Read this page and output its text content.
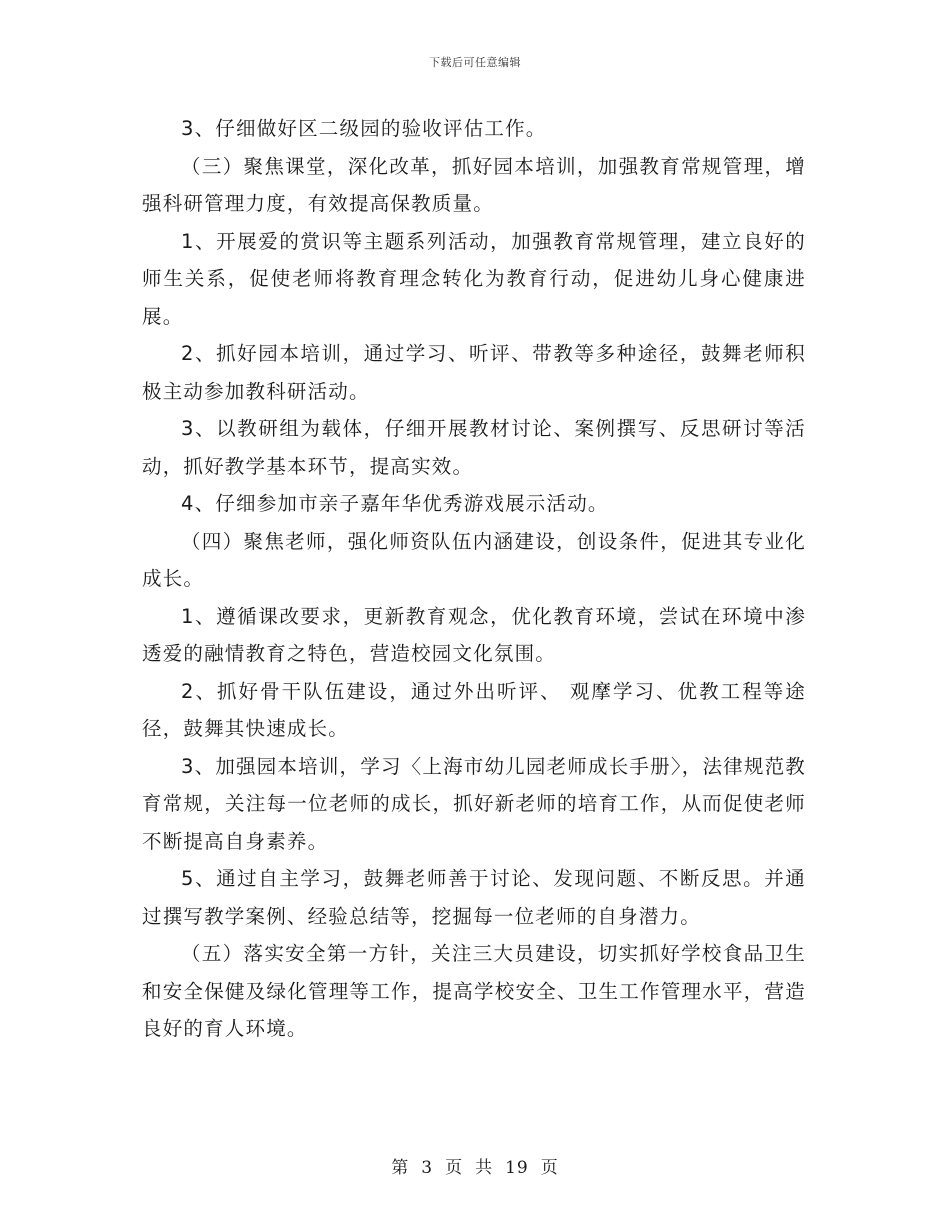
下载后可任意编辑

3、仔细做好区二级园的验收评估工作。

（三）聚焦课堂，深化改革，抓好园本培训，加强教育常规管理，增强科研管理力度，有效提高保教质量。

1、开展爱的赏识等主题系列活动，加强教育常规管理，建立良好的师生关系，促使老师将教育理念转化为教育行动，促进幼儿身心健康进展。

2、抓好园本培训，通过学习、听评、带教等多种途径，鼓舞老师积极主动参加教科研活动。

3、以教研组为载体，仔细开展教材讨论、案例撰写、反思研讨等活动，抓好教学基本环节，提高实效。

4、仔细参加市亲子嘉年华优秀游戏展示活动。

（四）聚焦老师，强化师资队伍内涵建设，创设条件，促进其专业化成长。

1、遵循课改要求，更新教育观念，优化教育环境，尝试在环境中渗透爱的融情教育之特色，营造校园文化氛围。

2、抓好骨干队伍建设，通过外出听评、 观摩学习、优教工程等途径，鼓舞其快速成长。

3、加强园本培训，学习〈上海市幼儿园老师成长手册〉，法律规范教育常规，关注每一位老师的成长，抓好新老师的培育工作，从而促使老师不断提高自身素养。

5、通过自主学习，鼓舞老师善于讨论、发现问题、不断反思。并通过撰写教学案例、经验总结等，挖掘每一位老师的自身潜力。

（五）落实安全第一方针，关注三大员建设，切实抓好学校食品卫生和安全保健及绿化管理等工作，提高学校安全、卫生工作管理水平，营造良好的育人环境。

第 3 页 共 19 页
